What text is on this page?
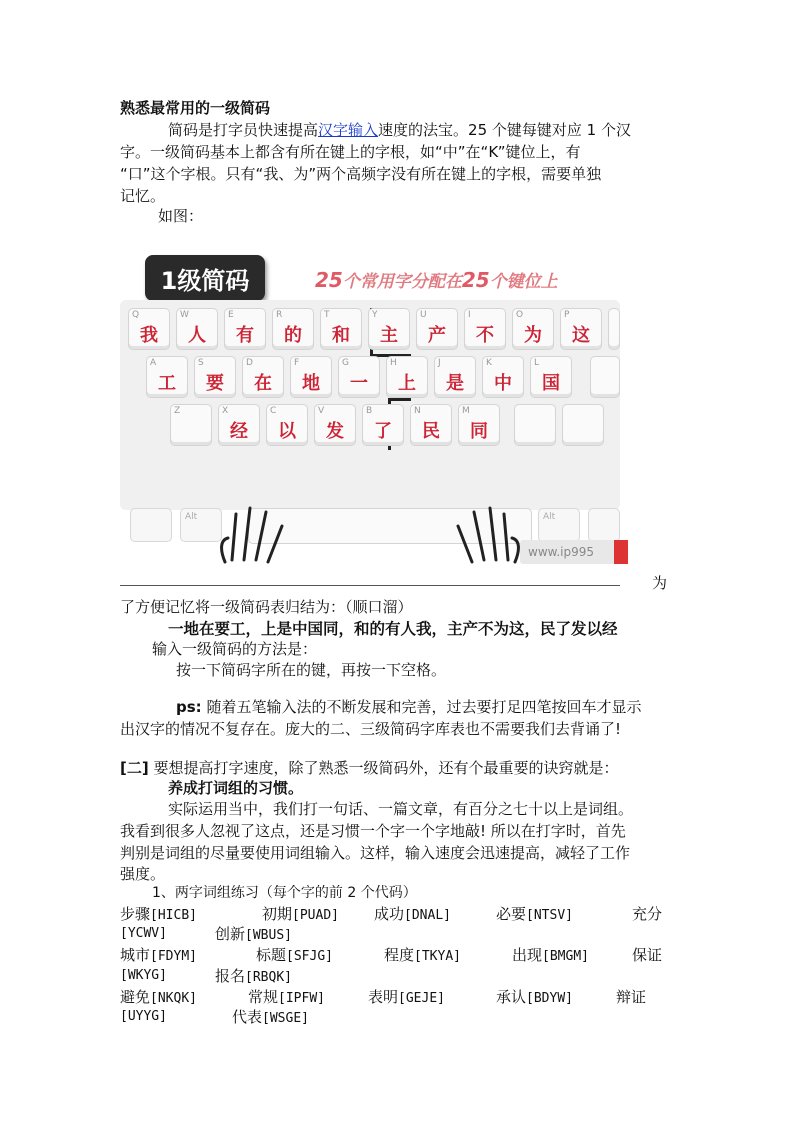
熟悉最常用的一级简码
简码是打字员快速提高汉字输入速度的法宝。25 个键每键对应 1 个汉
字。一级简码基本上都含有所在键上的字根，如“中”在“K”键位上，有
“口”这个字根。只有“我、为”两个高频字没有所在键上的字根，需要单独
记忆。
如图：
1级简码	25个常用字分配在25个键位上
Alt	Alt
www.ip995
Q
我
W
人
E
有
R
的
T
和
Y
主
U
产
I
不
O
为
P
这
A
工
S
要
D
在
F
地
G
一
H
上
J
是
K
中
L
国
Z	X
经
C
以
V
发
B
了
N
民
M
同
为
了方便记忆将一级简码表归结为：（顺口溜）
一地在要工，上是中国同，和的有人我，主产不为这，民了发以经
输入一级简码的方法是：
按一下简码字所在的键，再按一下空格。
ps: 随着五笔输入法的不断发展和完善，过去要打足四笔按回车才显示
出汉字的情况不复存在。庞大的二、三级简码字库表也不需要我们去背诵了!
[二] 要想提高打字速度，除了熟悉一级简码外，还有个最重要的诀窍就是：
养成打词组的习惯。
实际运用当中，我们打一句话、一篇文章，有百分之七十以上是词组。
我看到很多人忽视了这点，还是习惯一个字一个字地敲! 所以在打字时，首先
判别是词组的尽量要使用词组输入。这样，输入速度会迅速提高，减轻了工作
强度。
1、两字词组练习（每个字的前 2 个代码）
步骤[HICB]	初期[PUAD] 成功[DNAL]	必要[NTSV]	充分
[YCWV]	创新[WBUS]
城市[FDYM]	标题[SFJG]	程度[TKYA]	出现[BMGM]	保证
[WKYG]	报名[RBQK]
避免[NKQK]	常规[IPFW]	表明[GEJE]	承认[BDYW]	辩证
[UYYG]	代表[WSGE]
